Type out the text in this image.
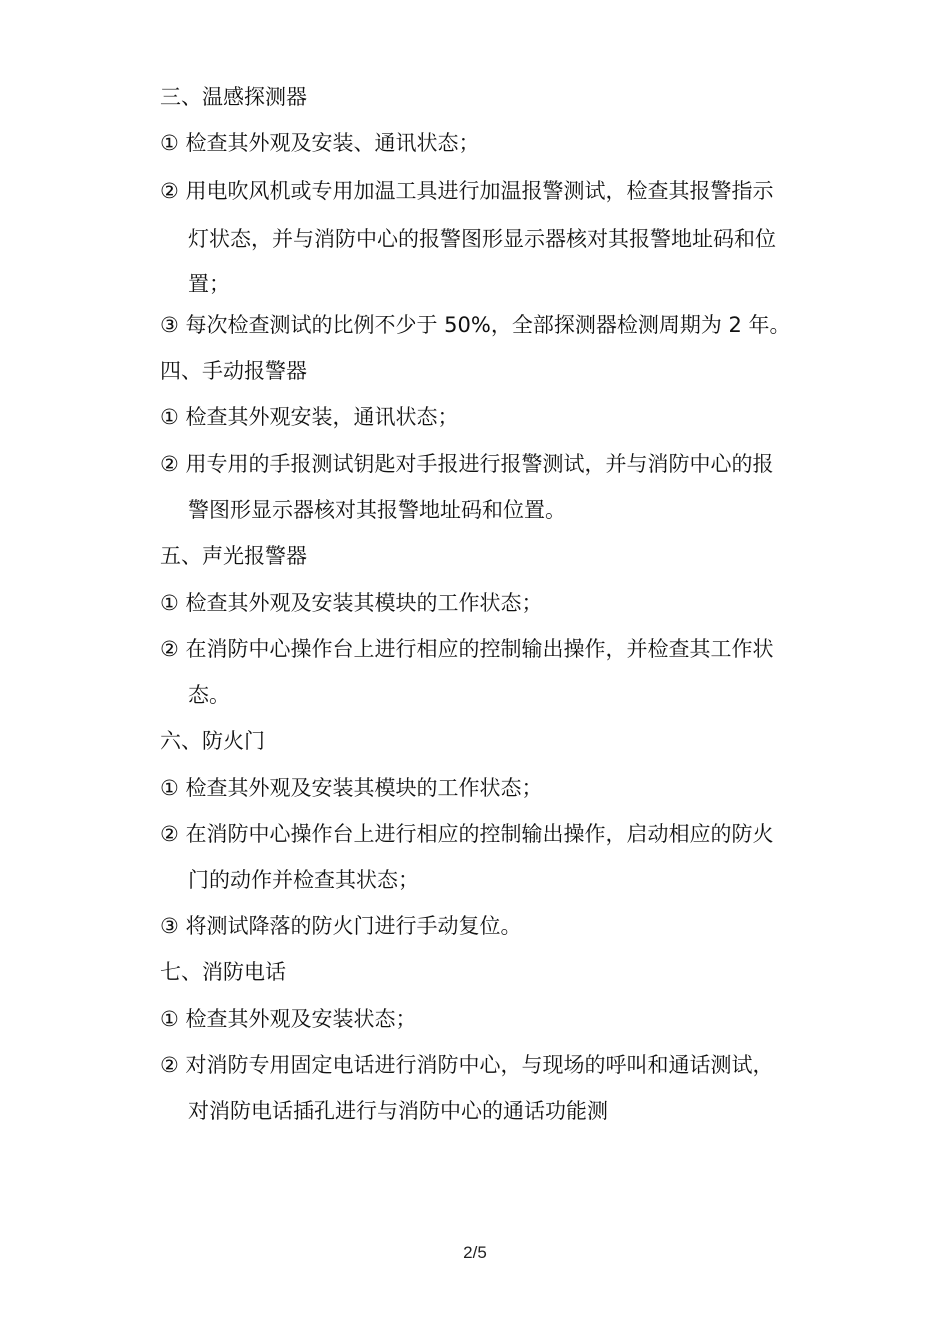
三、温感探测器
① 检查其外观及安装、通讯状态；
② 用电吹风机或专用加温工具进行加温报警测试，检查其报警指示
灯状态，并与消防中心的报警图形显示器核对其报警地址码和位
置；
③ 每次检查测试的比例不少于 50%，全部探测器检测周期为 2 年。
四、手动报警器
① 检查其外观安装，通讯状态；
② 用专用的手报测试钥匙对手报进行报警测试，并与消防中心的报
警图形显示器核对其报警地址码和位置。
五、声光报警器
① 检查其外观及安装其模块的工作状态；
② 在消防中心操作台上进行相应的控制输出操作，并检查其工作状
态。
六、防火门
① 检查其外观及安装其模块的工作状态；
② 在消防中心操作台上进行相应的控制输出操作，启动相应的防火
门的动作并检查其状态；
③ 将测试降落的防火门进行手动复位。
七、消防电话
① 检查其外观及安装状态；
② 对消防专用固定电话进行消防中心，与现场的呼叫和通话测试，
对消防电话插孔进行与消防中心的通话功能测
2/5
